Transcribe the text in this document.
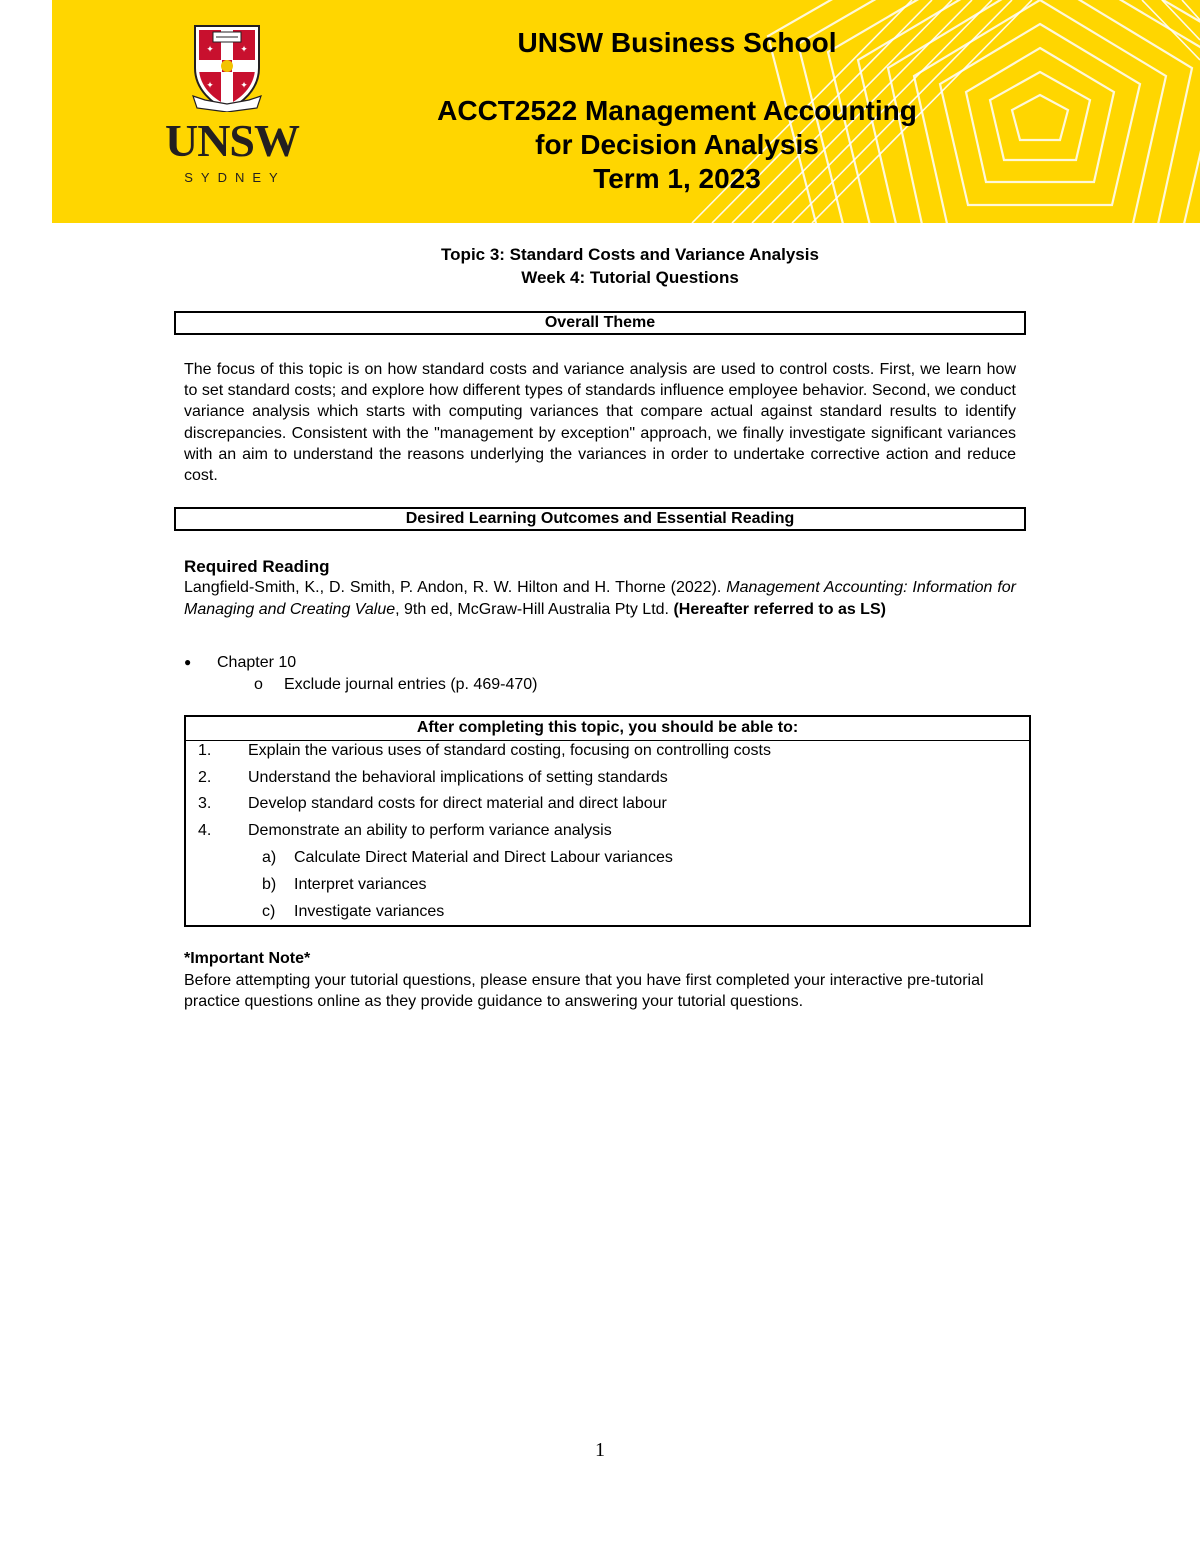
✦	✦
✦	✦
UNSW
SYDNEY
UNSW Business School
ACCT2522 Management Accounting
for Decision Analysis
Term 1, 2023
Topic 3: Standard Costs and Variance Analysis
Week 4: Tutorial Questions
Overall Theme
The focus of this topic is on how standard costs and variance analysis are used to control costs. First, we learn how to set standard costs; and explore how different types of standards influence employee behavior. Second, we conduct variance analysis which starts with computing variances that compare actual against standard results to identify discrepancies. Consistent with the "management by exception" approach, we finally investigate significant variances with an aim to understand the reasons underlying the variances in order to undertake corrective action and reduce cost.
Desired Learning Outcomes and Essential Reading
Required Reading
Langfield-Smith, K., D. Smith, P. Andon, R. W. Hilton and H. Thorne (2022). Management Accounting: Information for Managing and Creating Value, 9th ed, McGraw-Hill Australia Pty Ltd. (Hereafter referred to as LS)
● Chapter 10
o Exclude journal entries (p. 469-470)
After completing this topic, you should be able to:
1. Explain the various uses of standard costing, focusing on controlling costs
2. Understand the behavioral implications of setting standards
3. Develop standard costs for direct material and direct labour
4. Demonstrate an ability to perform variance analysis
a) Calculate Direct Material and Direct Labour variances
b) Interpret variances
c) Investigate variances
*Important Note*
Before attempting your tutorial questions, please ensure that you have first completed your interactive pre-tutorial practice questions online as they provide guidance to answering your tutorial questions.
1
